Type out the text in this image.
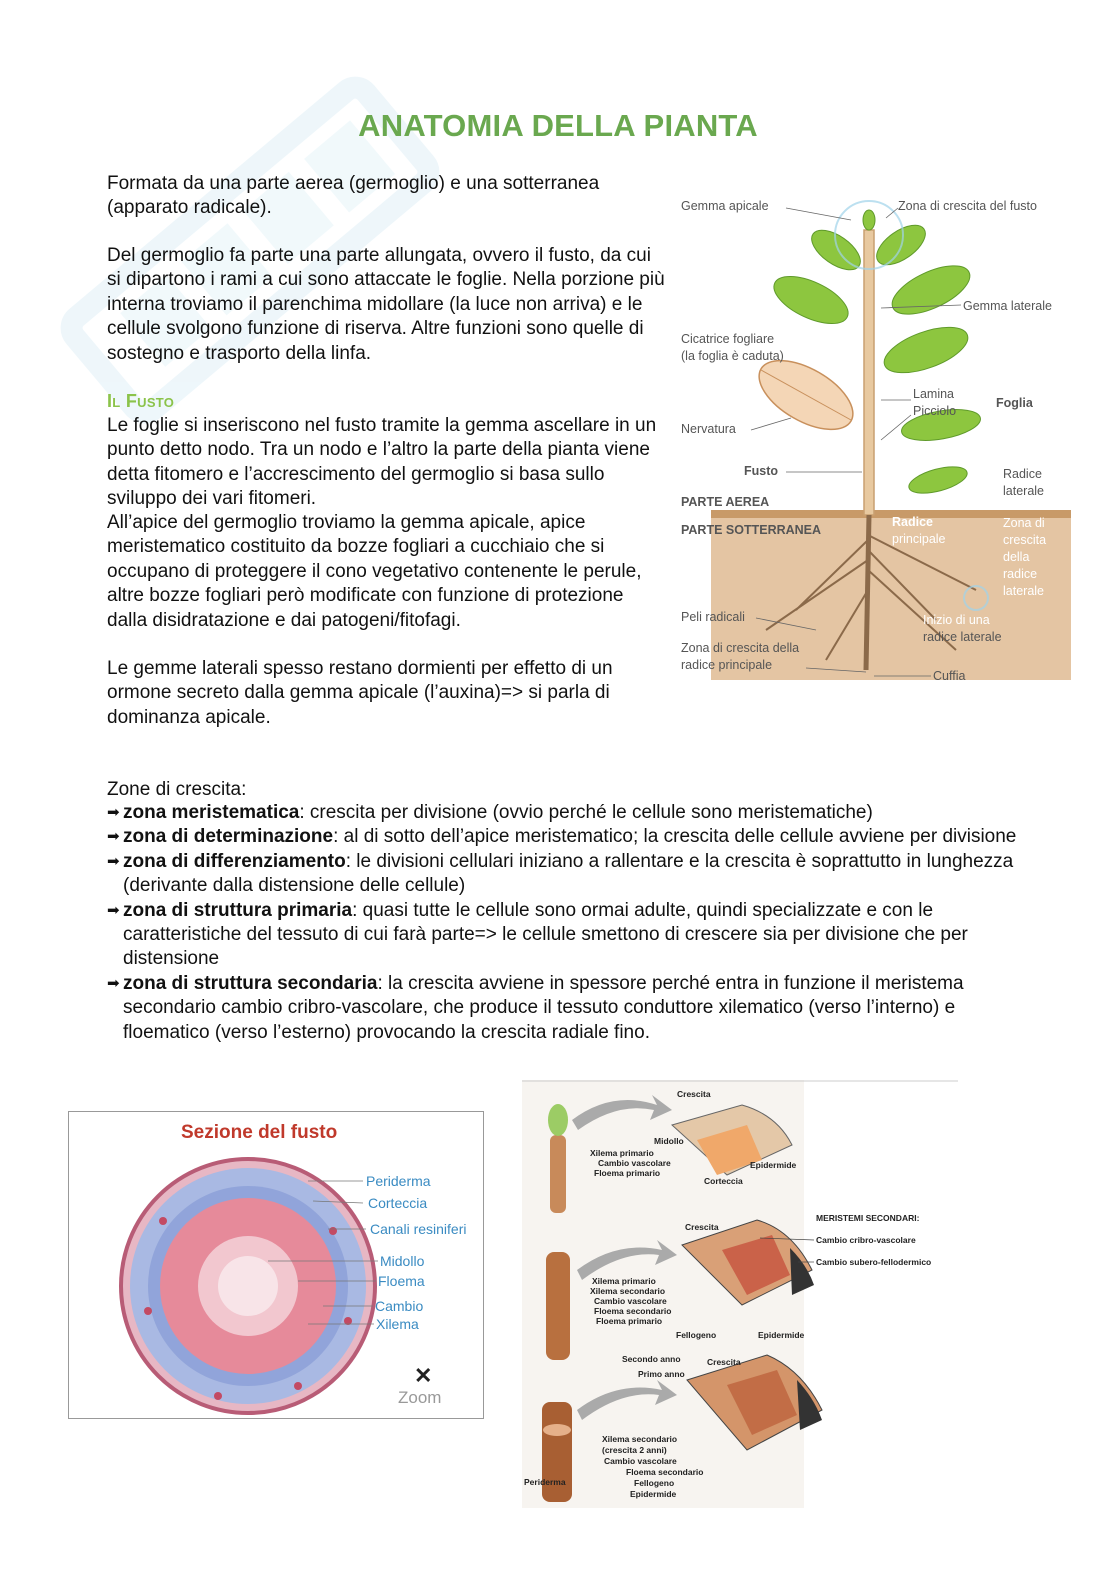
ANATOMIA DELLA PIANTA
Formata da una parte aerea (germoglio) e una sotterranea (apparato radicale).
Del germoglio fa parte una parte allungata, ovvero il fusto, da cui si dipartono i rami a cui sono attaccate le foglie. Nella porzione più interna troviamo il parenchima midollare (la luce non arriva) e le cellule svolgono funzione di riserva. Altre funzioni sono quelle di sostegno e trasporto della linfa.
Il Fusto
Le foglie si inseriscono nel fusto tramite la gemma ascellare in un punto detto nodo. Tra un nodo e l’altro la parte della pianta viene detta fitomero e l’accrescimento del germoglio si basa sullo sviluppo dei vari fitomeri.
All’apice del germoglio troviamo la gemma apicale, apice meristematico costituito da bozze fogliari a cucchiaio che si occupano di proteggere il cono vegetativo contenente le perule, altre bozze fogliari però modificate con funzione di protezione dalla disidratazione e dai patogeni/fitofagi.
Le gemme laterali spesso restano dormienti per effetto di un ormone secreto dalla gemma apicale (l’auxina)=> si parla di dominanza apicale.
Zone di crescita:
➡ zona meristematica: crescita per divisione (ovvio perché le cellule sono meristematiche)
➡ zona di determinazione: al di sotto dell’apice meristematico; la crescita delle cellule avviene per divisione
➡ zona di differenziamento: le divisioni cellulari iniziano a rallentare e la crescita è soprattutto in lunghezza (derivante dalla distensione delle cellule)
➡ zona di struttura primaria: quasi tutte le cellule sono ormai adulte, quindi specializzate e con le caratteristiche del tessuto di cui farà parte=> le cellule smettono di crescere sia per divisione che per distensione
➡ zona di struttura secondaria: la crescita avviene in spessore perché entra in funzione il meristema secondario cambio cribro-vascolare, che produce il tessuto conduttore xilematico (verso l’interno) e floematico (verso l’esterno) provocando la crescita radiale fino.
Gemma apicale	Zona di crescita del fusto
Gemma laterale
Cicatrice fogliare
(la foglia è caduta)
Lamina
Picciolo
Foglia
Nervatura
Fusto	Radice
laterale
PARTE AEREA
PARTE SOTTERRANEA
Radice
principale
Zona di
crescita
della
radice
laterale
Peli radicali	Inizio di una
radice laterale
Zona di crescita della
radice principale
Cuffia
Sezione del fusto
Periderma
Corteccia
Canali resiniferi
Midollo
Floema
Cambio
Xilema
✕
Zoom
Crescita
Midollo
Xilema primario
Cambio vascolare
Floema primario
Epidermide
Corteccia
Crescita
MERISTEMI SECONDARI:
Cambio cribro-vascolare
Cambio subero-fellodermico
Xilema primario
Xilema secondario
Cambio vascolare
Floema secondario
Floema primario
Fellogeno	Epidermide
Secondo anno
Primo anno
Crescita
Xilema secondario
(crescita 2 anni)
Cambio vascolare
Floema secondario
Fellogeno
Epidermide
Periderma
